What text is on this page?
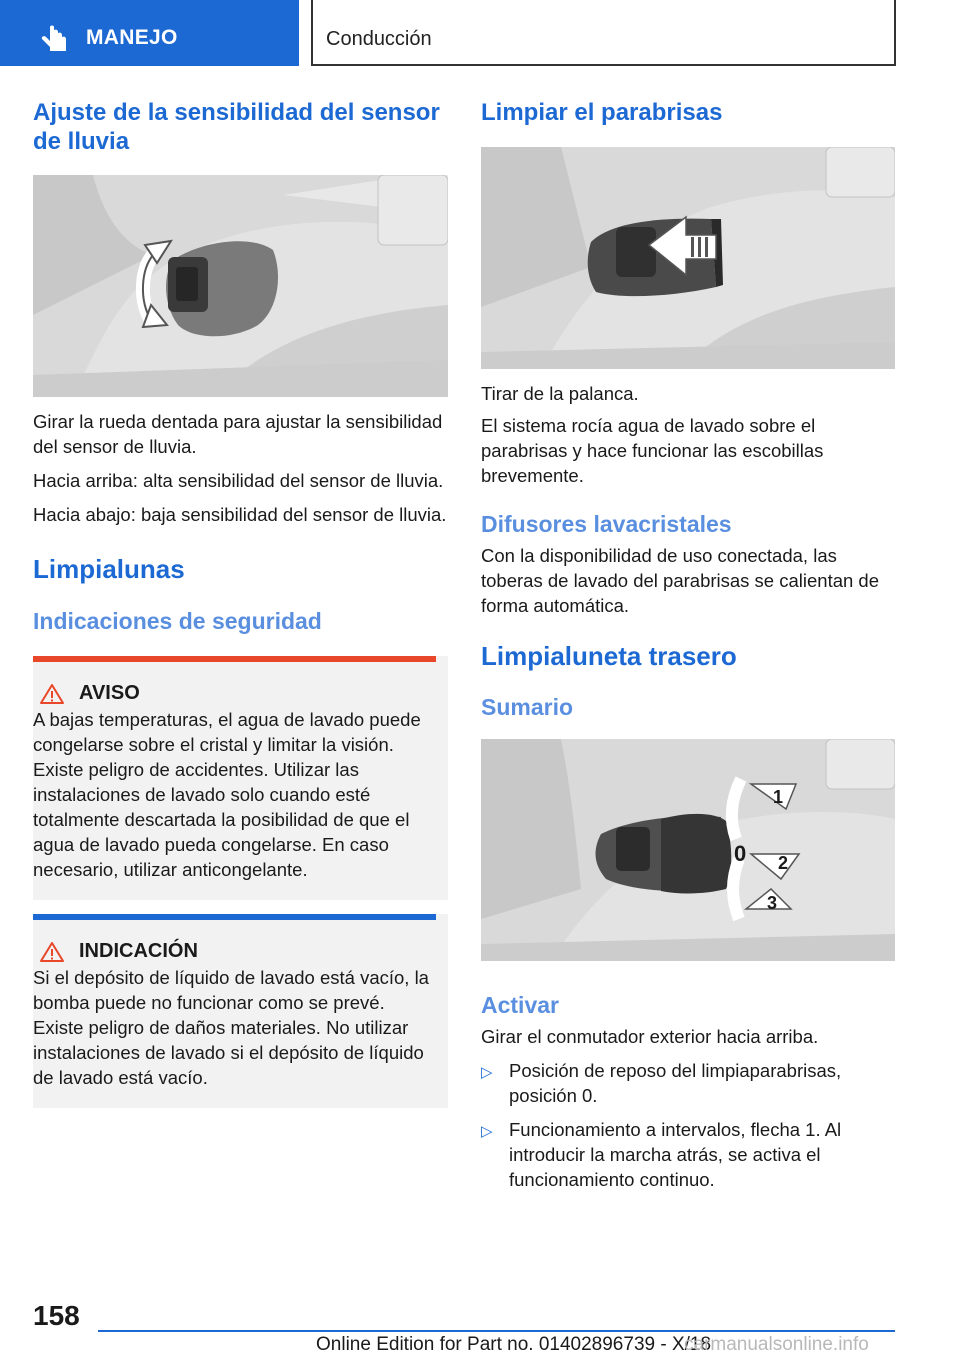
MANEJO	Conducción
Ajuste de la sensibilidad del sensor de lluvia
Girar la rueda dentada para ajustar la sensibilidad del sensor de lluvia.
Hacia arriba: alta sensibilidad del sensor de lluvia.
Hacia abajo: baja sensibilidad del sensor de lluvia.
Limpialunas
Indicaciones de seguridad
AVISO
A bajas temperaturas, el agua de lavado puede congelarse sobre el cristal y limitar la visión. Existe peligro de accidentes. Utilizar las instalaciones de lavado solo cuando esté totalmente descartada la posibilidad de que el agua de lavado pueda congelarse. En caso necesario, utilizar anticongelante.
INDICACIÓN
Si el depósito de líquido de lavado está vacío, la bomba puede no funcionar como se prevé. Existe peligro de daños materiales. No utilizar instalaciones de lavado si el depósito de líquido de lavado está vacío.
Limpiar el parabrisas
Tirar de la palanca.
El sistema rocía agua de lavado sobre el parabrisas y hace funcionar las escobillas brevemente.
Difusores lavacristales
Con la disponibilidad de uso conectada, las toberas de lavado del parabrisas se calientan de forma automática.
Limpialuneta trasero
Sumario
1
0 2
3
Activar
Girar el conmutador exterior hacia arriba.
▷ Posición de reposo del limpiaparabrisas, posición 0.
▷ Funcionamiento a intervalos, flecha 1. Al introducir la marcha atrás, se activa el funcionamiento continuo.
158
Online Edition for Part no. 01402896739 - X/18
carmanualsonline.info
